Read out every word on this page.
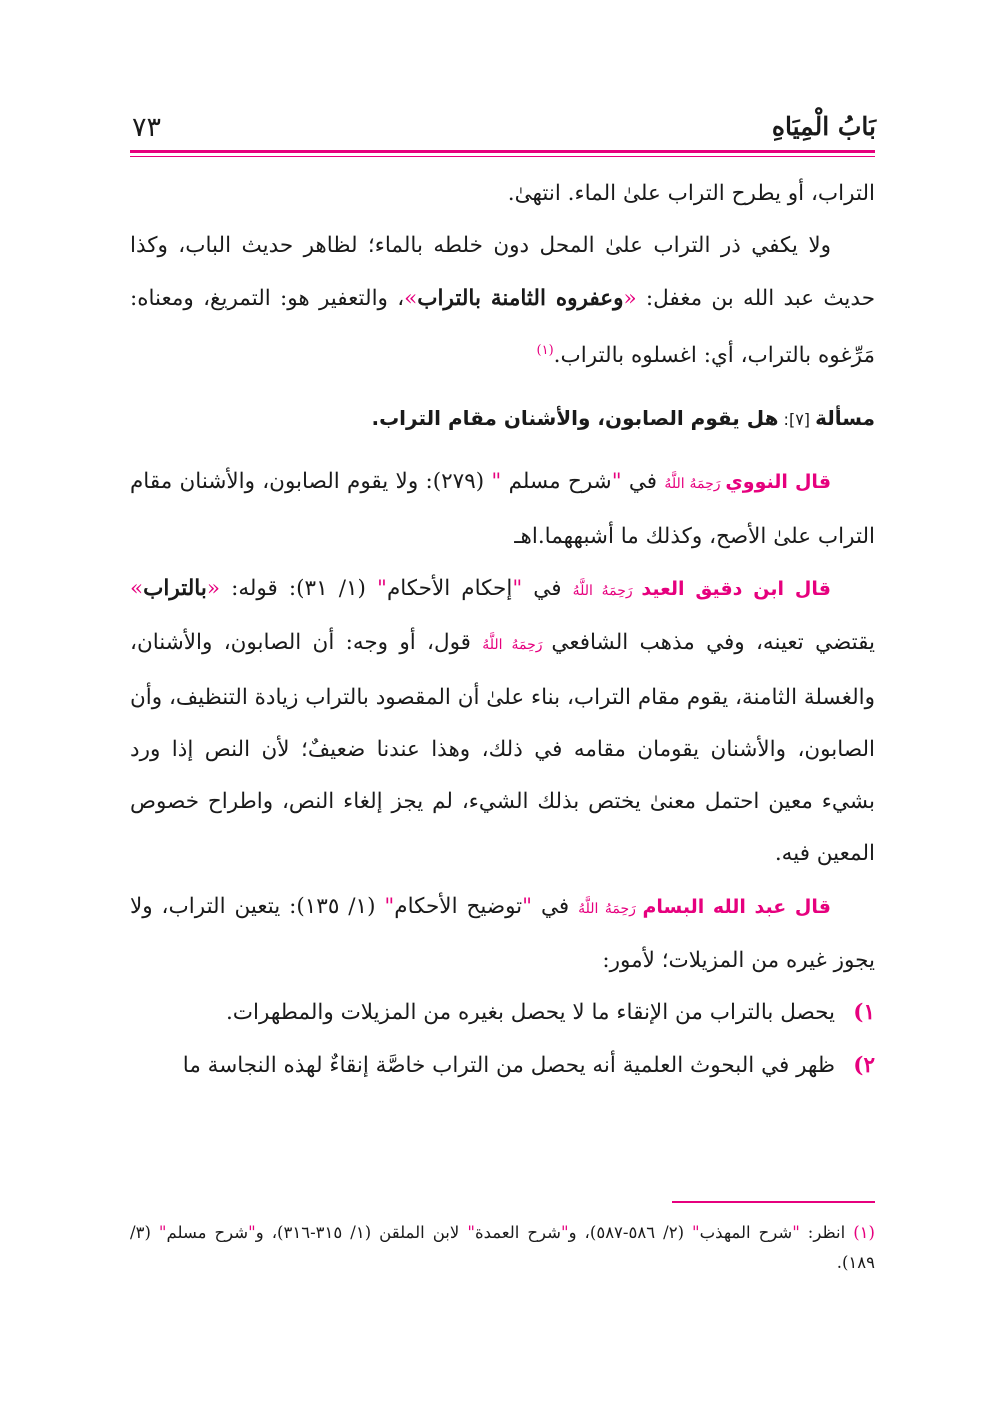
بَابُ الْمِيَاهِ
٧٣

التراب، أو يطرح التراب علىٰ الماء. انتهىٰ.

ولا يكفي ذر التراب علىٰ المحل دون خلطه بالماء؛ لظاهر حديث الباب، وكذا حديث عبد الله بن مغفل: «وعفروه الثامنة بالتراب»، والتعفير هو: التمريغ، ومعناه: مَرِّغوه بالتراب، أي: اغسلوه بالتراب.$^{(١)}$

مسألة [٧]: هل يقوم الصابون، والأشنان مقام التراب.

قال النووي رَحِمَهُ اللَّهُ في "شرح مسلم " (٢٧٩): ولا يقوم الصابون، والأشنان مقام التراب علىٰ الأصح، وكذلك ما أشبههما.اهـ

قال ابن دقيق العيد رَحِمَهُ اللَّهُ في "إحكام الأحكام" (١/ ٣١): قوله: «بالتراب» يقتضي تعينه، وفي مذهب الشافعي رَحِمَهُ اللَّهُ قول، أو وجه: أن الصابون، والأشنان، والغسلة الثامنة، يقوم مقام التراب، بناء علىٰ أن المقصود بالتراب زيادة التنظيف، وأن الصابون، والأشنان يقومان مقامه في ذلك، وهذا عندنا ضعيفٌ؛ لأن النص إذا ورد بشيء معين احتمل معنىٰ يختص بذلك الشيء، لم يجز إلغاء النص، واطراح خصوص المعين فيه.

قال عبد الله البسام رَحِمَهُ اللَّهُ في "توضيح الأحكام" (١/ ١٣٥): يتعين التراب، ولا يجوز غيره من المزيلات؛ لأمور:

١)
يحصل بالتراب من الإنقاء ما لا يحصل بغيره من المزيلات والمطهرات.

٢)
ظهر في البحوث العلمية أنه يحصل من التراب خاصَّة إنقاءٌ لهذه النجاسة ما

(١) انظر: "شرح المهذب" (٢/ ٥٨٦-٥٨٧)، و"شرح العمدة" لابن الملقن (١/ ٣١٥-٣١٦)، و"شرح مسلم" (٣/ ١٨٩).
